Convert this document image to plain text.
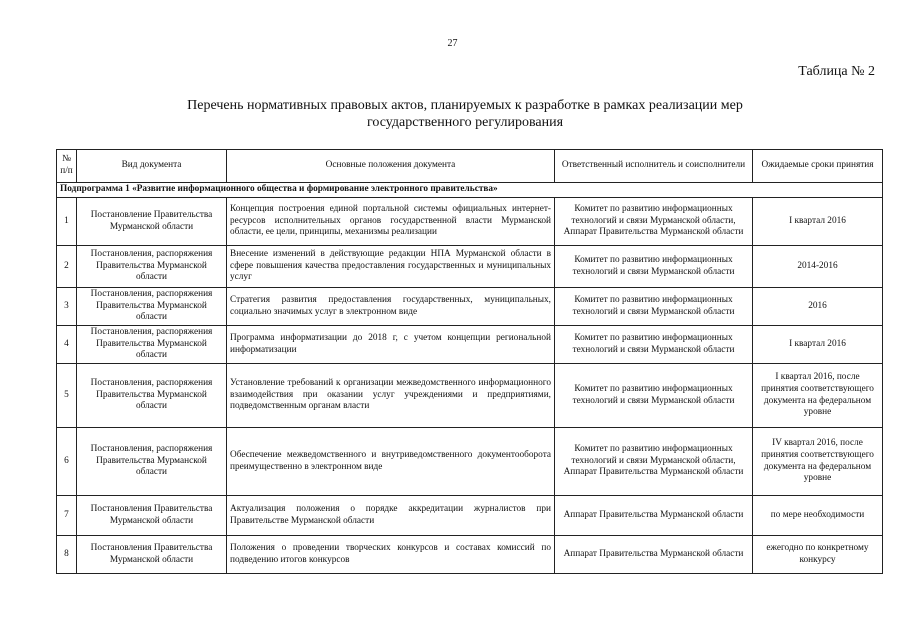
27
Таблица № 2
Перечень нормативных правовых актов, планируемых к разработке в рамках реализации мер государственного регулирования
№ п/п	Вид документа	Основные положения документа	Ответственный исполнитель и соисполнители	Ожидаемые сроки принятия
Подпрограмма 1 «Развитие информационного общества и формирование электронного правительства»				
1	Постановление Правительства Мурманской области	Концепция построения единой портальной системы официальных интернет-ресурсов исполнительных органов государственной власти Мурманской области, ее цели, принципы, механизмы реализации	Комитет по развитию информационных технологий и связи Мурманской области, Аппарат Правительства Мурманской области	I квартал 2016
2	Постановления, распоряжения Правительства Мурманской области	Внесение изменений в действующие редакции НПА Мурманской области в сфере повышения качества предоставления государственных и муниципальных услуг	Комитет по развитию информационных технологий и связи Мурманской области	2014-2016
3	Постановления, распоряжения Правительства Мурманской области	Стратегия развития предоставления государственных, муниципальных, социально значимых услуг в электронном виде	Комитет по развитию информационных технологий и связи Мурманской области	2016
4	Постановления, распоряжения Правительства Мурманской области	Программа информатизации до 2018 г, с учетом концепции региональной информатизации	Комитет по развитию информационных технологий и связи Мурманской области	I квартал 2016
5	Постановления, распоряжения Правительства Мурманской области	Установление требований к организации межведомственного информационного взаимодействия при оказании услуг учреждениями и предприятиями, подведомственным органам власти	Комитет по развитию информационных технологий и связи Мурманской области	I квартал 2016, после принятия соответствующего документа на федеральном уровне
6	Постановления, распоряжения Правительства Мурманской области	Обеспечение межведомственного и внутриведомственного документооборота преимущественно в электронном виде	Комитет по развитию информационных технологий и связи Мурманской области, Аппарат Правительства Мурманской области	IV квартал 2016, после принятия соответствующего документа на федеральном уровне
7	Постановления Правительства Мурманской области	Актуализация положения о порядке аккредитации журналистов при Правительстве Мурманской области	Аппарат Правительства Мурманской области	по мере необходимости
8	Постановления Правительства Мурманской области	Положения о проведении творческих конкурсов и составах комиссий по подведению итогов конкурсов	Аппарат Правительства Мурманской области	ежегодно по конкретному конкурсу
